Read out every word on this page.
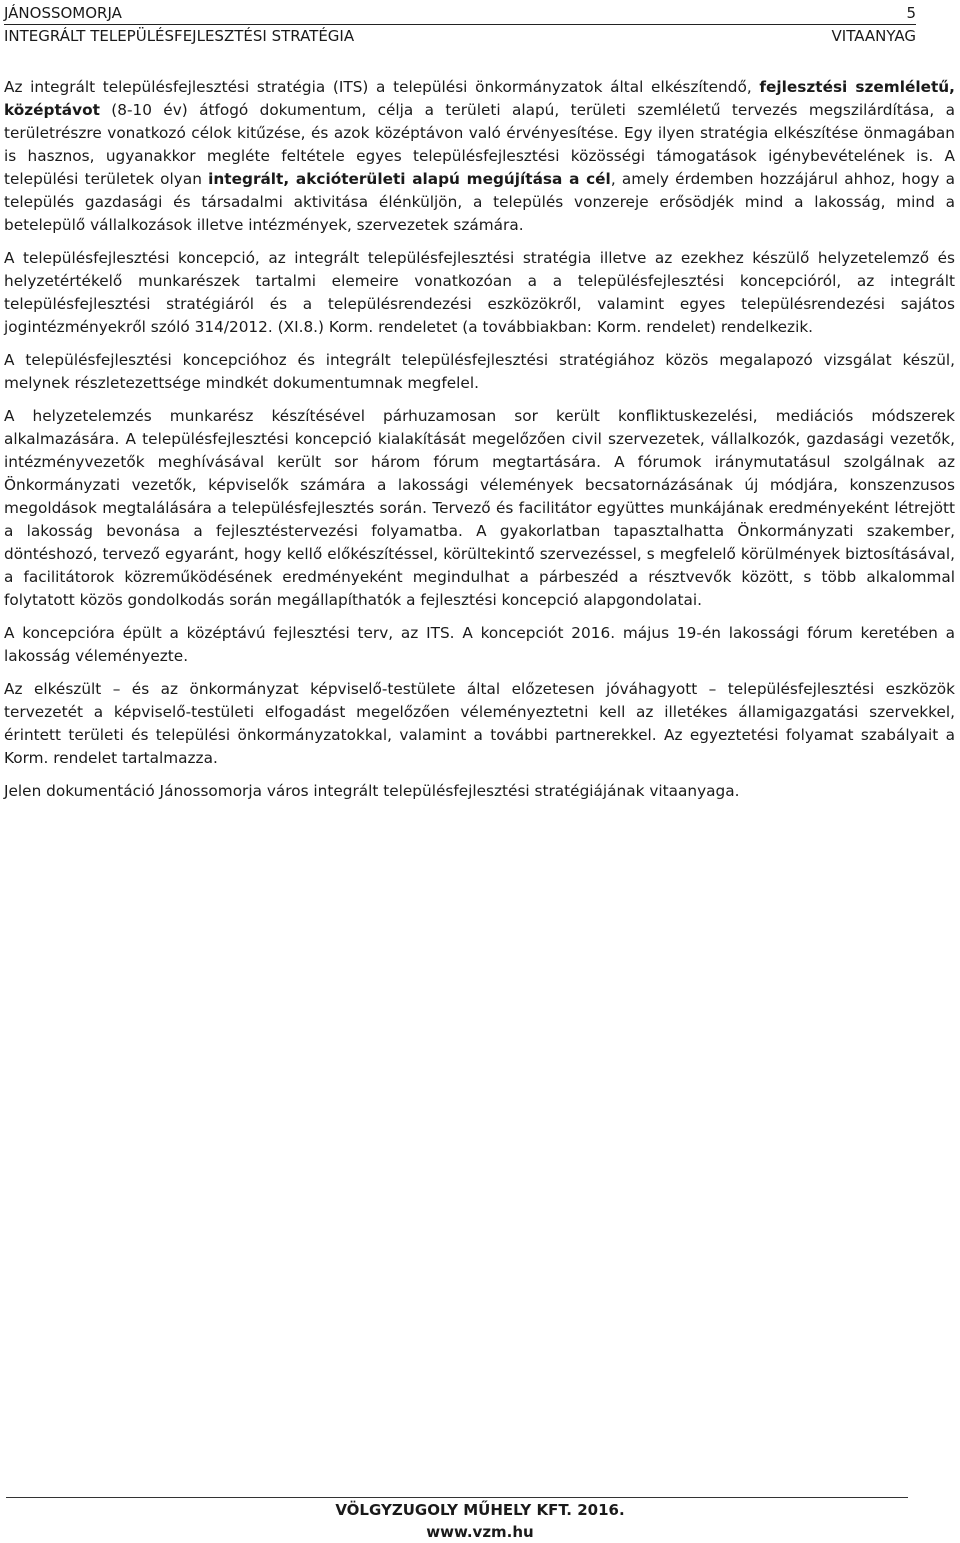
JÁNOSSOMORJA	5
INTEGRÁLT TELEPÜLÉSFEJLESZTÉSI STRATÉGIA	VITAANYAG

Az integrált településfejlesztési stratégia (ITS) a települési önkormányzatok által elkészítendő, fejlesztési szemléletű, középtávot (8-10 év) átfogó dokumentum, célja a területi alapú, területi szemléletű tervezés megszilárdítása, a területrészre vonatkozó célok kitűzése, és azok középtávon való érvényesítése. Egy ilyen stratégia elkészítése önmagában is hasznos, ugyanakkor megléte feltétele egyes településfejlesztési közösségi támogatások igénybevételének is. A települési területek olyan integrált, akcióterületi alapú megújítása a cél, amely érdemben hozzájárul ahhoz, hogy a település gazdasági és társadalmi aktivitása élénküljön, a település vonzereje erősödjék mind a lakosság, mind a betelepülő vállalkozások illetve intézmények, szervezetek számára.

A településfejlesztési koncepció, az integrált településfejlesztési stratégia illetve az ezekhez készülő helyzetelemző és helyzetértékelő munkarészek tartalmi elemeire vonatkozóan a a településfejlesztési koncepcióról, az integrált településfejlesztési stratégiáról és a településrendezési eszközökről, valamint egyes településrendezési sajátos jogintézményekről szóló 314/2012. (XI.8.) Korm. rendeletet (a továbbiakban: Korm. rendelet) rendelkezik.

A településfejlesztési koncepcióhoz és integrált településfejlesztési stratégiához közös megalapozó vizsgálat készül, melynek részletezettsége mindkét dokumentumnak megfelel.

A helyzetelemzés munkarész készítésével párhuzamosan sor került konfliktuskezelési, mediációs módszerek alkalmazására. A településfejlesztési koncepció kialakítását megelőzően civil szervezetek, vállalkozók, gazdasági vezetők, intézményvezetők meghívásával került sor három fórum megtartására. A fórumok iránymutatásul szolgálnak az Önkormányzati vezetők, képviselők számára a lakossági vélemények becsatornázásának új módjára, konszenzusos megoldások megtalálására a településfejlesztés során. Tervező és facilitátor együttes munkájának eredményeként létrejött a lakosság bevonása a fejlesztéstervezési folyamatba. A gyakorlatban tapasztalhatta Önkormányzati szakember, döntéshozó, tervező egyaránt, hogy kellő előkészítéssel, körültekintő szervezéssel, s megfelelő körülmények biztosításával, a facilitátorok közreműködésének eredményeként megindulhat a párbeszéd a résztvevők között, s több alkalommal folytatott közös gondolkodás során megállapíthatók a fejlesztési koncepció alapgondolatai.

A koncepcióra épült a középtávú fejlesztési terv, az ITS. A koncepciót 2016. május 19-én lakossági fórum keretében a lakosság véleményezte.

Az elkészült – és az önkormányzat képviselő-testülete által előzetesen jóváhagyott – településfejlesztési eszközök tervezetét a képviselő-testületi elfogadást megelőzően véleményeztetni kell az illetékes államigazgatási szervekkel, érintett területi és települési önkormányzatokkal, valamint a további partnerekkel. Az egyeztetési folyamat szabályait a Korm. rendelet tartalmazza.

Jelen dokumentáció Jánossomorja város integrált településfejlesztési stratégiájának vitaanyaga.

VÖLGYZUGOLY MŰHELY KFT. 2016.
www.vzm.hu
